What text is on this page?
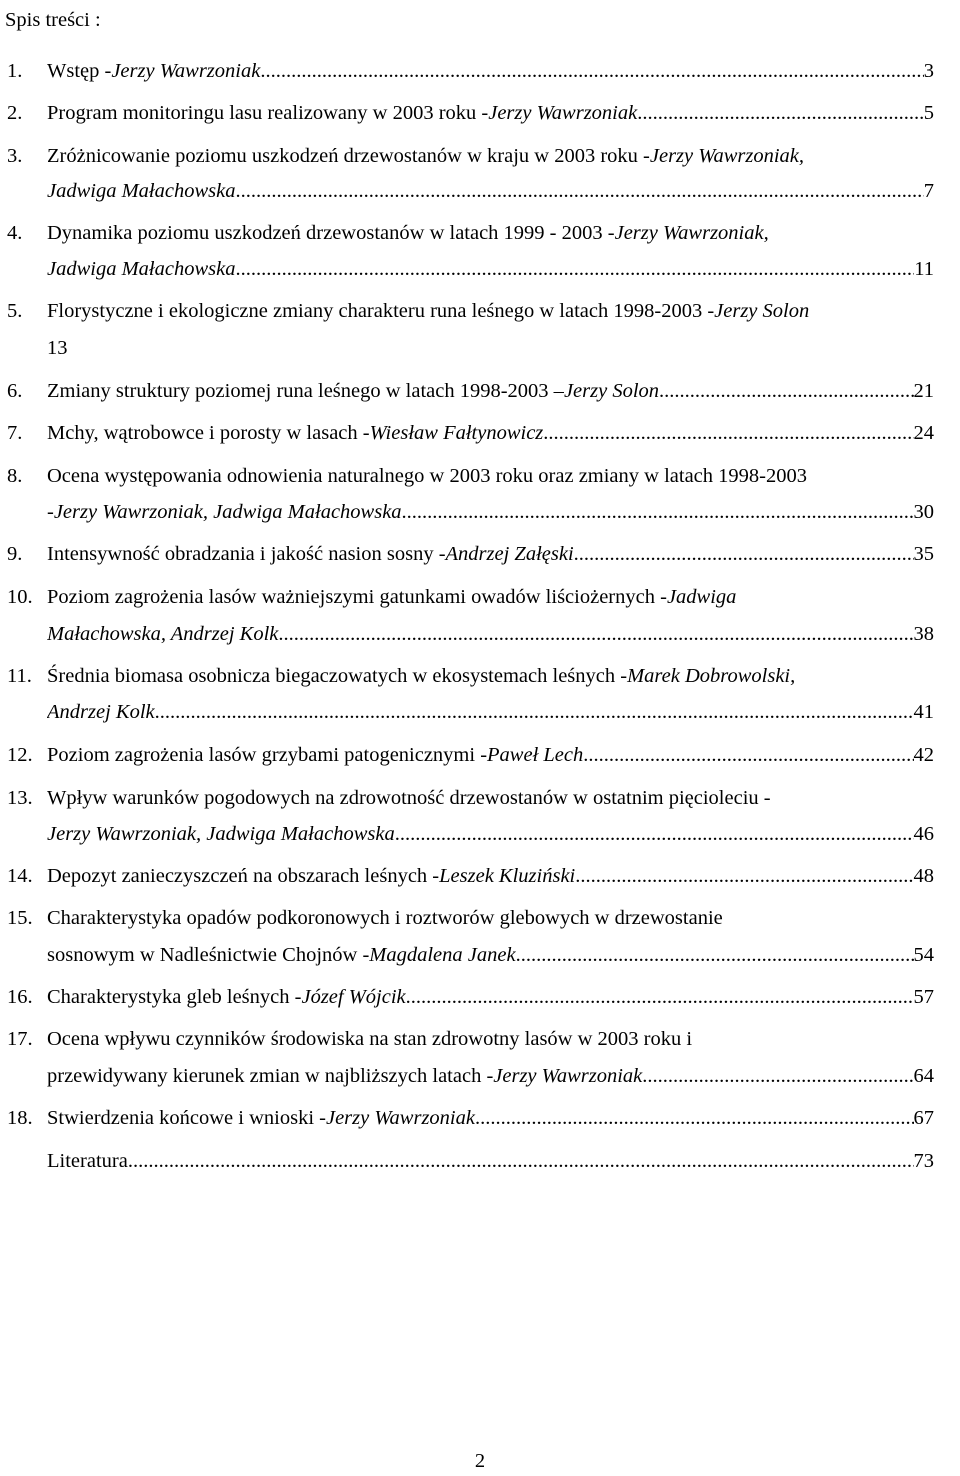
Spis treści :
1. Wstęp - Jerzy Wawrzoniak .....	3
2. Program monitoringu lasu realizowany w 2003 roku - Jerzy Wawrzoniak .....	5
3. Zróżnicowanie poziomu uszkodzeń drzewostanów w kraju w 2003 roku - Jerzy Wawrzoniak,
Jadwiga Małachowska .....	7
4. Dynamika poziomu uszkodzeń drzewostanów w latach 1999 - 2003 - Jerzy Wawrzoniak,
Jadwiga Małachowska .....	11
5. Florystyczne i ekologiczne zmiany charakteru runa leśnego w latach 1998-2003 - Jerzy Solon
13
6. Zmiany struktury poziomej runa leśnego w latach 1998-2003 – Jerzy Solon .....	21
7. Mchy, wątrobowce i porosty w lasach - Wiesław Fałtynowicz .....	24
8. Ocena występowania odnowienia naturalnego w 2003 roku oraz zmiany w latach 1998-2003
- Jerzy Wawrzoniak, Jadwiga Małachowska .....	30
9. Intensywność obradzania i jakość nasion sosny - Andrzej Załęski .....	35
10. Poziom zagrożenia lasów ważniejszymi gatunkami owadów liściożernych - Jadwiga
Małachowska, Andrzej Kolk .....	38
11. Średnia biomasa osobnicza biegaczowatych w ekosystemach leśnych - Marek Dobrowolski,
Andrzej Kolk .....	41
12. Poziom zagrożenia lasów grzybami patogenicznymi - Paweł Lech .....	42
13. Wpływ warunków pogodowych na zdrowotność drzewostanów w ostatnim pięcioleciu -
Jerzy Wawrzoniak, Jadwiga Małachowska .....	46
14. Depozyt zanieczyszczeń na obszarach leśnych - Leszek Kluziński .....	48
15. Charakterystyka opadów podkoronowych i roztworów glebowych w drzewostanie
sosnowym w Nadleśnictwie Chojnów - Magdalena Janek .....	54
16. Charakterystyka gleb leśnych - Józef Wójcik .....	57
17. Ocena wpływu czynników środowiska na stan zdrowotny lasów w 2003 roku i
przewidywany kierunek zmian w najbliższych latach - Jerzy Wawrzoniak .....	64
18. Stwierdzenia końcowe i wnioski - Jerzy Wawrzoniak .....	67
Literatura .....	73
2
